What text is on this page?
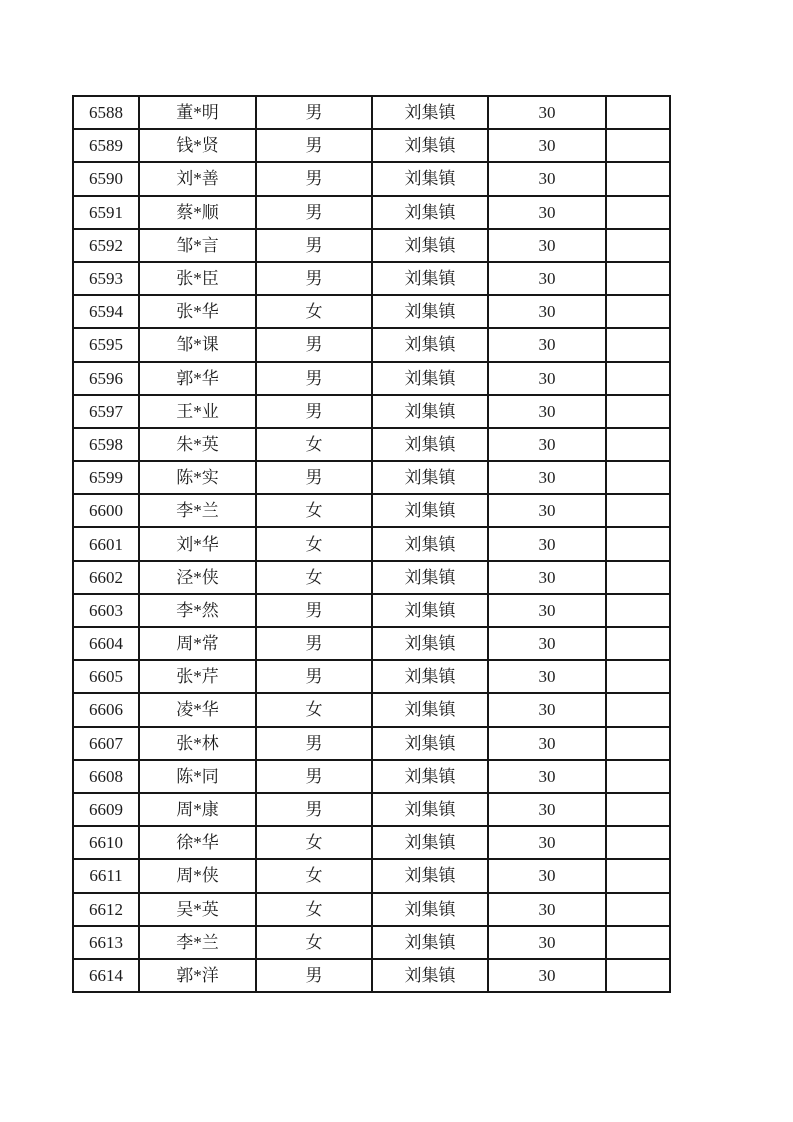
6588	董*明	男	刘集镇	30	
6589	钱*贤	男	刘集镇	30	
6590	刘*善	男	刘集镇	30	
6591	蔡*顺	男	刘集镇	30	
6592	邹*言	男	刘集镇	30	
6593	张*臣	男	刘集镇	30	
6594	张*华	女	刘集镇	30	
6595	邹*课	男	刘集镇	30	
6596	郭*华	男	刘集镇	30	
6597	王*业	男	刘集镇	30	
6598	朱*英	女	刘集镇	30	
6599	陈*实	男	刘集镇	30	
6600	李*兰	女	刘集镇	30	
6601	刘*华	女	刘集镇	30	
6602	泾*侠	女	刘集镇	30	
6603	李*然	男	刘集镇	30	
6604	周*常	男	刘集镇	30	
6605	张*芹	男	刘集镇	30	
6606	凌*华	女	刘集镇	30	
6607	张*林	男	刘集镇	30	
6608	陈*同	男	刘集镇	30	
6609	周*康	男	刘集镇	30	
6610	徐*华	女	刘集镇	30	
6611	周*侠	女	刘集镇	30	
6612	吴*英	女	刘集镇	30	
6613	李*兰	女	刘集镇	30	
6614	郭*洋	男	刘集镇	30	
